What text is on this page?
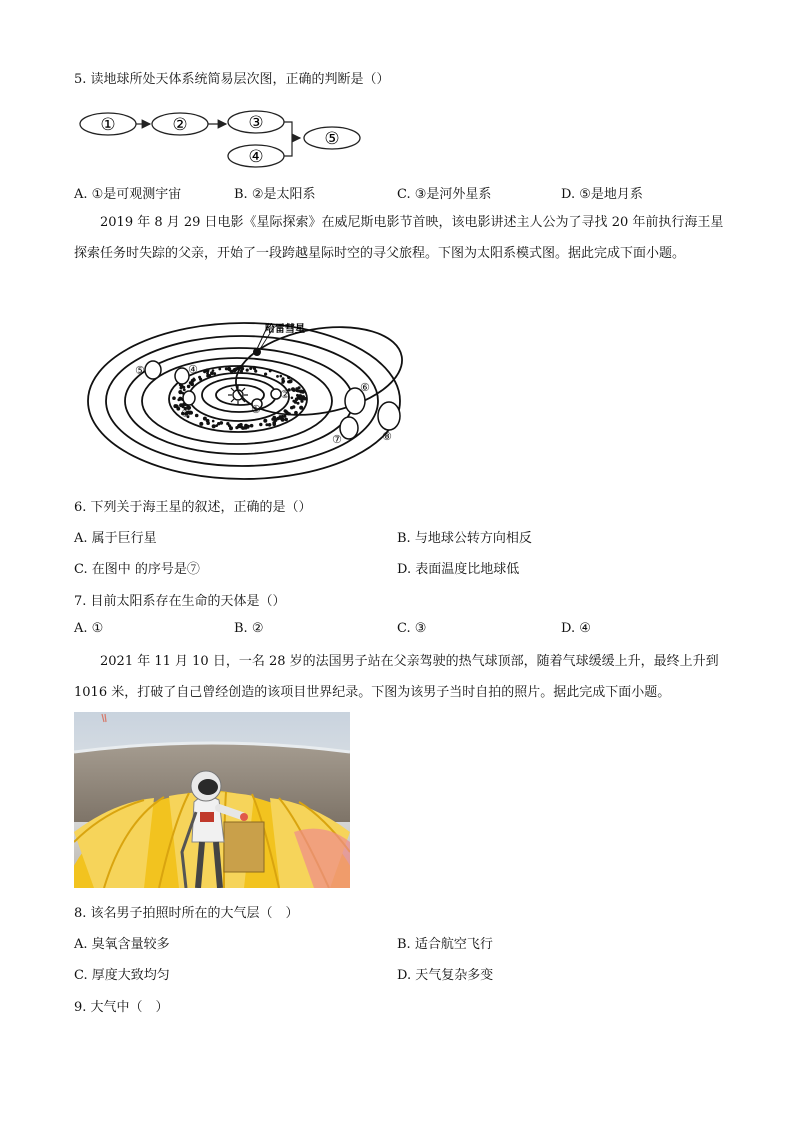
5. 读地球所处天体系统简易层次图，正确的判断是（）
①	②	③
④
⑤
A. ①是可观测宇宙	B. ②是太阳系	C. ③是河外星系	D. ⑤是地月系
2019 年 8 月 29 日电影《星际探索》在威尼斯电影节首映，该电影讲述主人公为了寻找 20 年前执行海王星探索任务时失踪的父亲，开始了一段跨越星际时空的寻父旅程。下图为太阳系模式图。据此完成下面小题。
哈雷彗星
①
②
③
④
⑤
⑥
⑦	⑧
6. 下列关于海王星的叙述，正确的是（）
A. 属于巨行星	B. 与地球公转方向相反
C. 在图中 的序号是⑦	D. 表面温度比地球低
7. 目前太阳系存在生命的天体是（）
A. ①	B. ②	C. ③	D. ④
2021 年 11 月 10 日，一名 28 岁的法国男子站在父亲驾驶的热气球顶部，随着气球缓缓上升，最终上升到 1016 米，打破了自己曾经创造的该项目世界纪录。下图为该男子当时自拍的照片。据此完成下面小题。
8. 该名男子拍照时所在的大气层（　）
A. 臭氧含量较多	B. 适合航空飞行
C. 厚度大致均匀	D. 天气复杂多变
9. 大气中（　）
